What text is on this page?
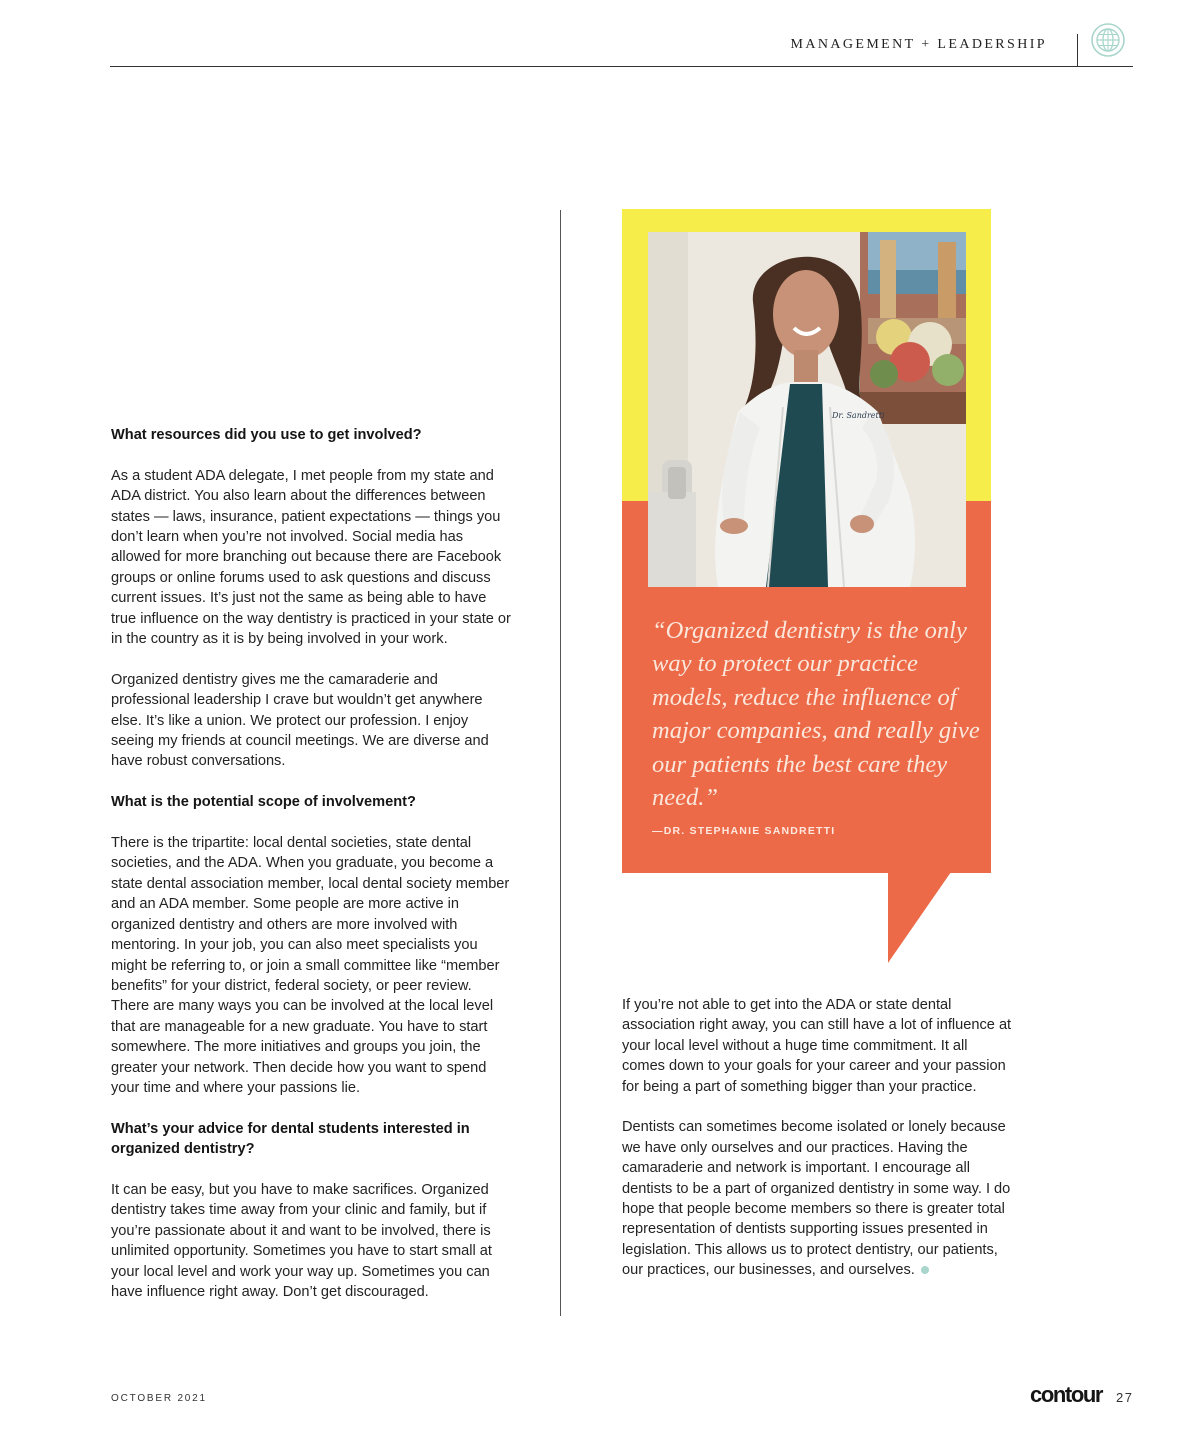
MANAGEMENT + LEADERSHIP
What resources did you use to get involved?

As a student ADA delegate, I met people from my state and ADA district. You also learn about the differences between states — laws, insurance, patient expectations — things you don’t learn when you’re not involved. Social media has allowed for more branching out because there are Facebook groups or online forums used to ask questions and discuss current issues. It’s just not the same as being able to have true influence on the way dentistry is practiced in your state or in the country as it is by being involved in your work.

Organized dentistry gives me the camaraderie and professional leadership I crave but wouldn’t get anywhere else. It’s like a union. We protect our profession. I enjoy seeing my friends at council meetings. We are diverse and have robust conversations.

What is the potential scope of involvement?

There is the tripartite: local dental societies, state dental societies, and the ADA. When you graduate, you become a state dental association member, local dental society member and an ADA member. Some people are more active in organized dentistry and others are more involved with mentoring. In your job, you can also meet specialists you might be referring to, or join a small committee like “member benefits” for your district, federal society, or peer review. There are many ways you can be involved at the local level that are manageable for a new graduate. You have to start somewhere. The more initiatives and groups you join, the greater your network. Then decide how you want to spend your time and where your passions lie.

What’s your advice for dental students interested in organized dentistry?

It can be easy, but you have to make sacrifices. Organized dentistry takes time away from your clinic and family, but if you’re passionate about it and want to be involved, there is unlimited opportunity. Sometimes you have to start small at your local level and work your way up. Sometimes you can have influence right away. Don’t get discouraged.

Dr. Sandretti
“Organized dentistry is the only way to protect our practice models, reduce the influence of major companies, and really give our patients the best care they need.”
—DR. STEPHANIE SANDRETTI

If you’re not able to get into the ADA or state dental association right away, you can still have a lot of influence at your local level without a huge time commitment. It all comes down to your goals for your career and your passion for being a part of something bigger than your practice.

Dentists can sometimes become isolated or lonely because we have only ourselves and our practices. Having the camaraderie and network is important. I encourage all dentists to be a part of organized dentistry in some way. I do hope that people become members so there is greater total representation of dentists supporting issues presented in legislation. This allows us to protect dentistry, our patients, our practices, our businesses, and ourselves.

OCTOBER 2021	contour 27
